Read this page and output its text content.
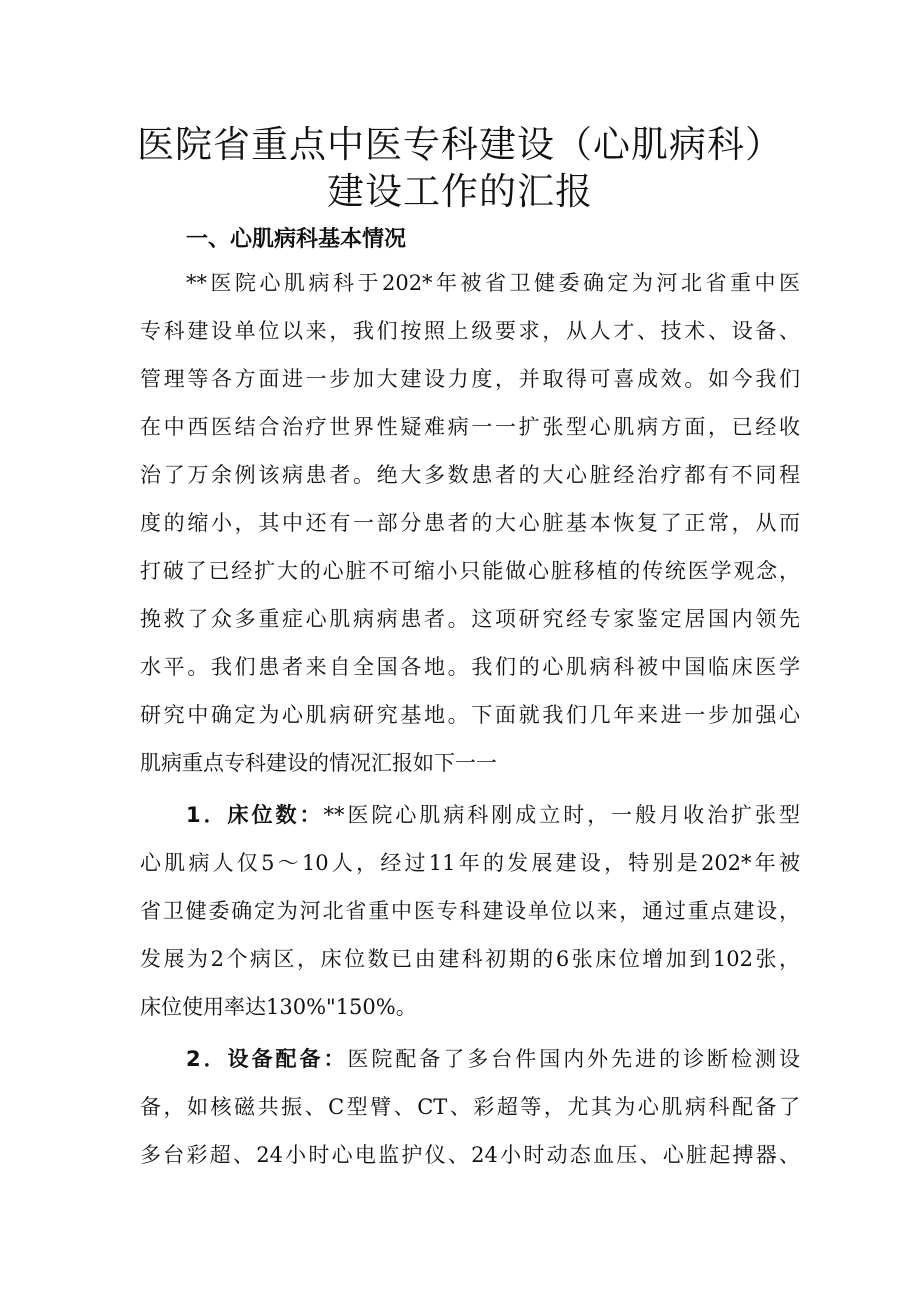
医院省重点中医专科建设（心肌病科）
建设工作的汇报
一、心肌病科基本情况

**医院心肌病科于202*年被省卫健委确定为河北省重中医

专科建设单位以来，我们按照上级要求，从人才、技术、设备、

管理等各方面进一步加大建设力度，并取得可喜成效。如今我们

在中西医结合治疗世界性疑难病一一扩张型心肌病方面，已经收

治了万余例该病患者。绝大多数患者的大心脏经治疗都有不同程

度的缩小，其中还有一部分患者的大心脏基本恢复了正常，从而

打破了已经扩大的心脏不可缩小只能做心脏移植的传统医学观念，

挽救了众多重症心肌病病患者。这项研究经专家鉴定居国内领先

水平。我们患者来自全国各地。我们的心肌病科被中国临床医学

研究中确定为心肌病研究基地。下面就我们几年来进一步加强心

肌病重点专科建设的情况汇报如下一一

1．床位数：**医院心肌病科刚成立时，一般月收治扩张型

心肌病人仅5～10人，经过11年的发展建设，特别是202*年被

省卫健委确定为河北省重中医专科建设单位以来，通过重点建设，

发展为2个病区，床位数已由建科初期的6张床位增加到102张，

床位使用率达130%"150%。

2．设备配备：医院配备了多台件国内外先进的诊断检测设

备，如核磁共振、C型臂、CT、彩超等，尤其为心肌病科配备了

多台彩超、24小时心电监护仪、24小时动态血压、心脏起搏器、
